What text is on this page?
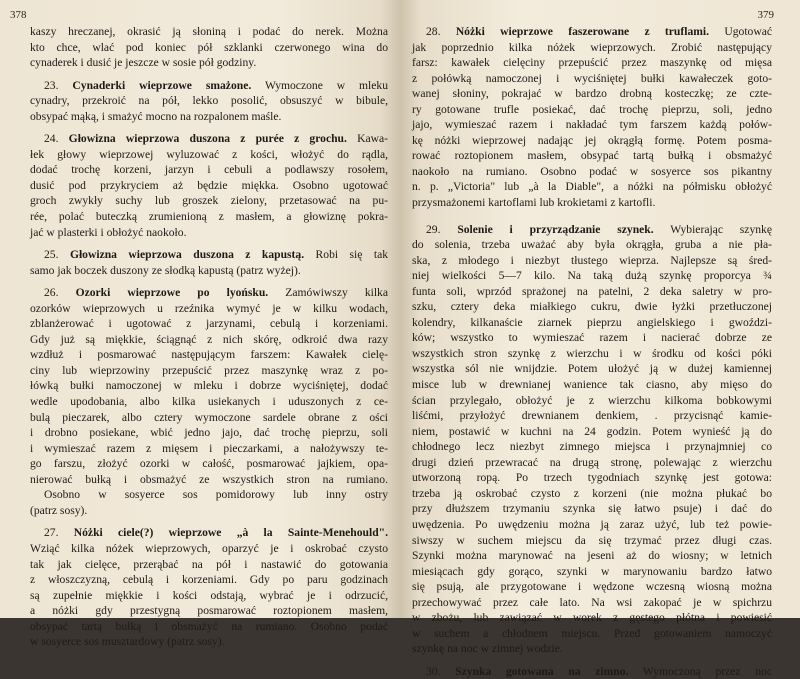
378
kaszy hreczanej, okrasić ją słoniną i podać do nerek. Można
kto chce, wlać pod koniec pół szklanki czerwonego wina do
cynaderek i dusić je jeszcze w sosie pół godziny.
23. Cynaderki wieprzowe smażone. Wymoczone w mleku
cynadry, przekroić na pół, lekko posolić, obsuszyć w bibule,
obsypać mąką, i smażyć mocno na rozpalonem maśle.
24. Głowizna wieprzowa duszona z purée z grochu. Kawa-
łek głowy wieprzowej wyluzować z kości, włożyć do rądla,
dodać trochę korzeni, jarzyn i cebuli a podlawszy rosołem,
dusić pod przykryciem aż będzie miękka. Osobno ugotować
groch zwykły suchy lub groszek zielony, przetasować na pu-
rée, polać buteczką zrumienioną z masłem, a głowiznę pokra-
jać w plasterki i obłożyć naokoło.
25. Głowizna wieprzowa duszona z kapustą. Robi się tak
samo jak boczek duszony ze słodką kapustą (patrz wyżej).
26. Ozorki wieprzowe po lyońsku. Zamówiwszy kilka
ozorków wieprzowych u rzeźnika wymyć je w kilku wodach,
zblanżerować i ugotować z jarzynami, cebulą i korzeniami.
Gdy już są miękkie, ściągnąć z nich skórę, odkroić dwa razy
wzdłuż i posmarować następującym farszem: Kawałek cielę-
ciny lub wieprzowiny przepuścić przez maszynkę wraz z po-
łówką bułki namoczonej w mleku i dobrze wyciśniętej, dodać
wedle upodobania, albo kilka usiekanych i uduszonych z ce-
bulą pieczarek, albo cztery wymoczone sardele obrane z ości
i drobno posiekane, wbić jedno jajo, dać trochę pieprzu, soli
i wymieszać razem z mięsem i pieczarkami, a nałożywszy te-
go farszu, złożyć ozorki w całość, posmarować jajkiem, opa-
nierować bułką i obsmażyć ze wszystkich stron na rumiano.
Osobno w sosyerce sos pomidorowy lub inny ostry
(patrz sosy).
27. Nóżki ciele(?) wieprzowe „à la Sainte-Menehould".
Wziąć kilka nóżek wieprzowych, oparzyć je i oskrobać czysto
tak jak cielęce, przerąbać na pół i nastawić do gotowania
z włoszczyzną, cebulą i korzeniami. Gdy po paru godzinach
są zupełnie miękkie i kości odstają, wybrać je i odrzucić,
a nóżki gdy przestygną posmarować roztopionem masłem,
obsypać tartą bułką i obsmażyć na rumiano. Osobno podać
w sosyerce sos musztardowy (patrz sosy).
379
28. Nóżki wieprzowe faszerowane z truflami. Ugotować
jak poprzednio kilka nóżek wieprzowych. Zrobić następujący
farsz: kawałek cielęciny przepuścić przez maszynkę od mięsa
z połówką namoczonej i wyciśniętej bułki kawałeczek goto-
wanej słoniny, pokrajać w bardzo drobną kosteczkę; ze czte-
ry gotowane trufle posiekać, dać trochę pieprzu, soli, jedno
jajo, wymieszać razem i nakładać tym farszem każdą połów-
kę nóżki wieprzowej nadając jej okrągłą formę. Potem posma-
rować roztopionem masłem, obsypać tartą bułką i obsmażyć
naokoło na rumiano. Osobno podać w sosyerce sos pikantny
n. p. „Victoria" lub „à la Diable", a nóżki na półmisku obłożyć
przysmażonemi kartoflami lub krokietami z kartofli.
29. Solenie i przyrządzanie szynek. Wybierając szynkę
do solenia, trzeba uważać aby była okrągła, gruba a nie pła-
ska, z młodego i niezbyt tłustego wieprza. Najlepsze są śred-
niej wielkości 5—7 kilo. Na taką dużą szynkę proporcya ¾
funta soli, wprzód sprażonej na patelni, 2 deka saletry w pro-
szku, cztery deka miałkiego cukru, dwie łyżki przetłuczonej
kolendry, kilkanaście ziarnek pieprzu angielskiego i gwoździ-
ków; wszystko to wymieszać razem i nacierać dobrze ze
wszystkich stron szynkę z wierzchu i w środku od kości póki
wszystka sól nie wnijdzie. Potem ułożyć ją w dużej kamiennej
misce lub w drewnianej wanience tak ciasno, aby mięso do
ścian przylegało, obłożyć je z wierzchu kilkoma bobkowymi
liśćmi, przyłożyć drewnianem denkiem, . przycisnąć kamie-
niem, postawić w kuchni na 24 godzin. Potem wynieść ją do
chłodnego lecz niezbyt zimnego miejsca i przynajmniej co
drugi dzień przewracać na drugą stronę, polewając z wierzchu
utworzoną ropą. Po trzech tygodniach szynkę jest gotowa:
trzeba ją oskrobać czysto z korzeni (nie można płukać bo
przy dłuższem trzymaniu szynka się łatwo psuje) i dać do
uwędzenia. Po uwędzeniu można ją zaraz użyć, lub też powie-
siwszy w suchem miejscu da się trzymać przez długi czas.
Szynki można marynować na jeseni aż do wiosny; w letnich
miesiącach gdy gorąco, szynki w marynowaniu bardzo łatwo
się psują, ale przygotowane i wędzone wczesną wiosną można
przechowywać przez całe lato. Na wsi zakopać je w spichrzu
w zbożu, lub zawiązać w worek z gęstego płótna i powiesić
w suchem a chłodnem miejscu. Przed gotowaniem namoczyć
szynkę na noc w zimnej wodzie.
30. Szynka gotowana na zimno. Wymoczoną przez noc
